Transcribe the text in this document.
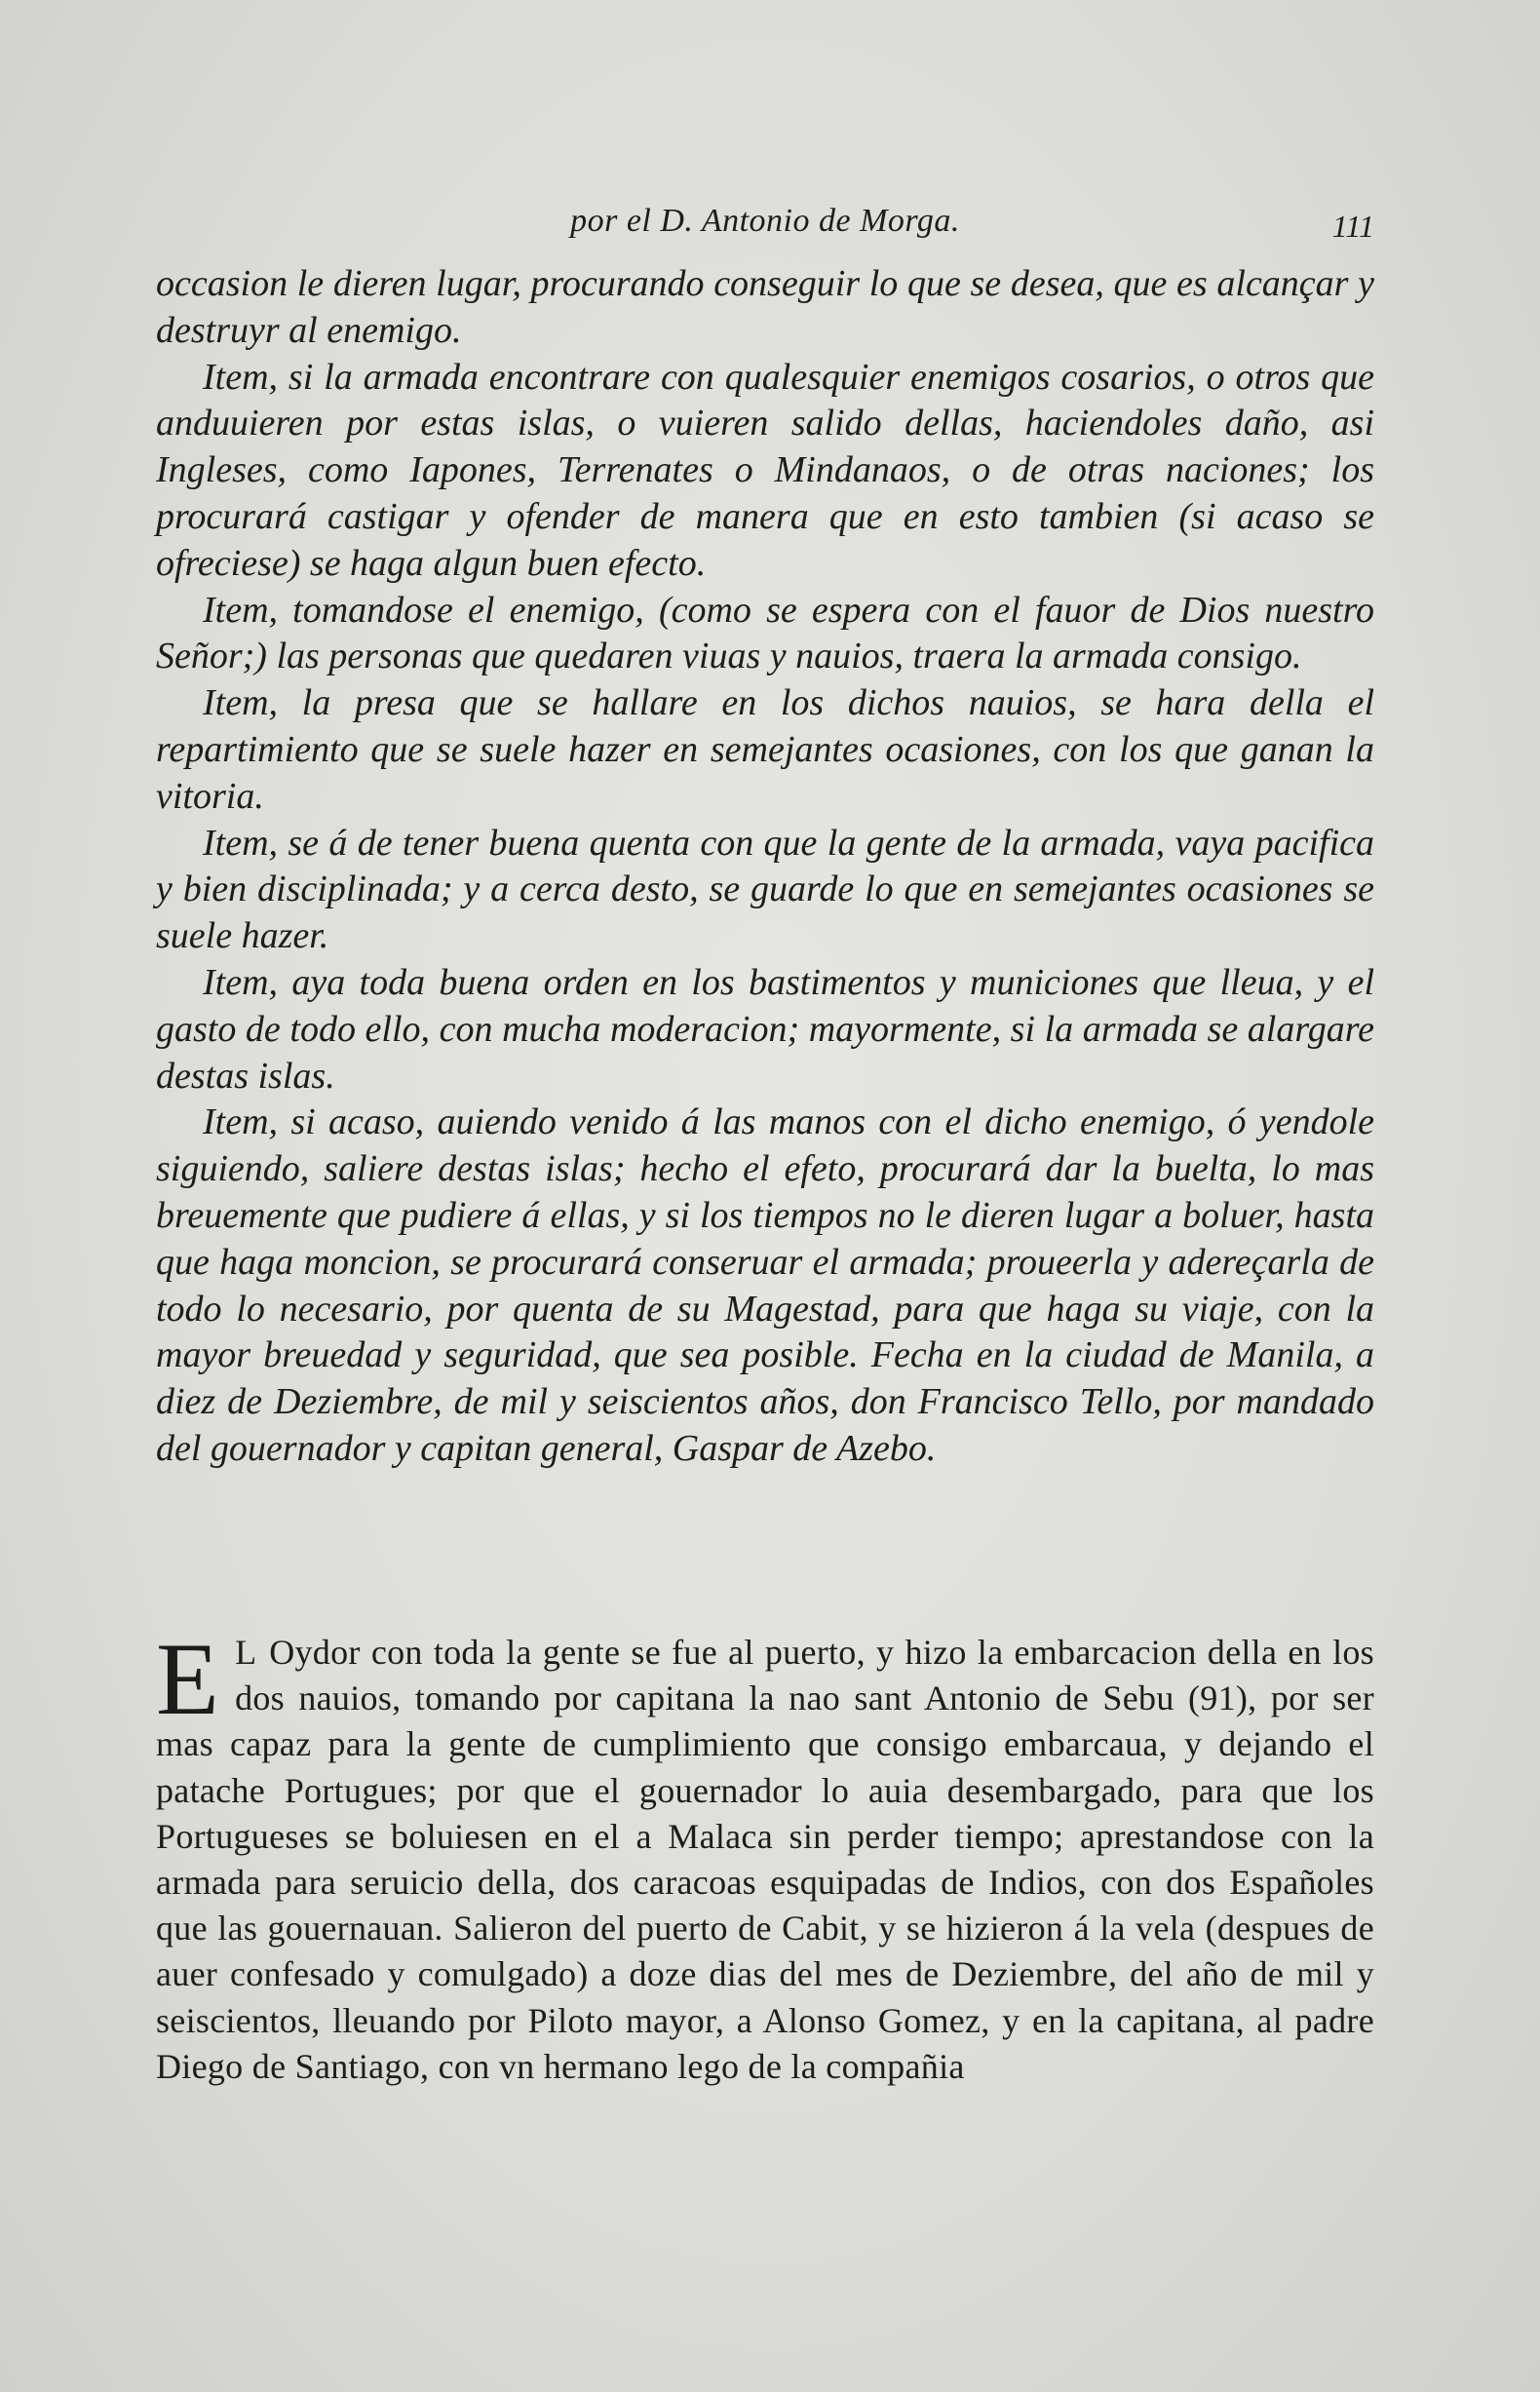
por el D. Antonio de Morga.	111

occasion le dieren lugar, procurando conseguir lo que se desea, que es alcançar y destruyr al enemigo.

Item, si la armada encontrare con qualesquier enemigos cosarios, o otros que anduuieren por estas islas, o vuieren salido dellas, haciendoles daño, asi Ingleses, como Iapones, Terrenates o Mindanaos, o de otras naciones; los procurará castigar y ofender de manera que en esto tambien (si acaso se ofreciese) se haga algun buen efecto.

Item, tomandose el enemigo, (como se espera con el fauor de Dios nuestro Señor;) las personas que quedaren viuas y nauios, traera la armada consigo.

Item, la presa que se hallare en los dichos nauios, se hara della el repartimiento que se suele hazer en semejantes ocasiones, con los que ganan la vitoria.

Item, se á de tener buena quenta con que la gente de la armada, vaya pacifica y bien disciplinada; y a cerca desto, se guarde lo que en semejantes ocasiones se suele hazer.

Item, aya toda buena orden en los bastimentos y municiones que lleua, y el gasto de todo ello, con mucha moderacion; mayormente, si la armada se alargare destas islas.

Item, si acaso, auiendo venido á las manos con el dicho enemigo, ó yendole siguiendo, saliere destas islas; hecho el efeto, procurará dar la buelta, lo mas breuemente que pudiere á ellas, y si los tiempos no le dieren lugar a boluer, hasta que haga moncion, se procurará conseruar el armada; proueerla y adereçarla de todo lo necesario, por quenta de su Magestad, para que haga su viaje, con la mayor breuedad y seguridad, que sea posible. Fecha en la ciudad de Manila, a diez de Deziembre, de mil y seiscientos años, don Francisco Tello, por mandado del gouernador y capitan general, Gaspar de Azebo.

E L Oydor con toda la gente se fue al puerto, y hizo la embarcacion della en los dos nauios, tomando por capitana la nao sant Antonio de Sebu (91), por ser mas capaz para la gente de cumplimiento que consigo embarcaua, y dejando el patache Portugues; por que el gouernador lo auia desembargado, para que los Portugueses se boluiesen en el a Malaca sin perder tiempo; aprestandose con la armada para seruicio della, dos caracoas esquipadas de Indios, con dos Españoles que las gouernauan. Salieron del puerto de Cabit, y se hizieron á la vela (despues de auer confesado y comulgado) a doze dias del mes de Deziembre, del año de mil y seiscientos, lleuando por Piloto mayor, a Alonso Gomez, y en la capitana, al padre Diego de Santiago, con vn hermano lego de la compañia
